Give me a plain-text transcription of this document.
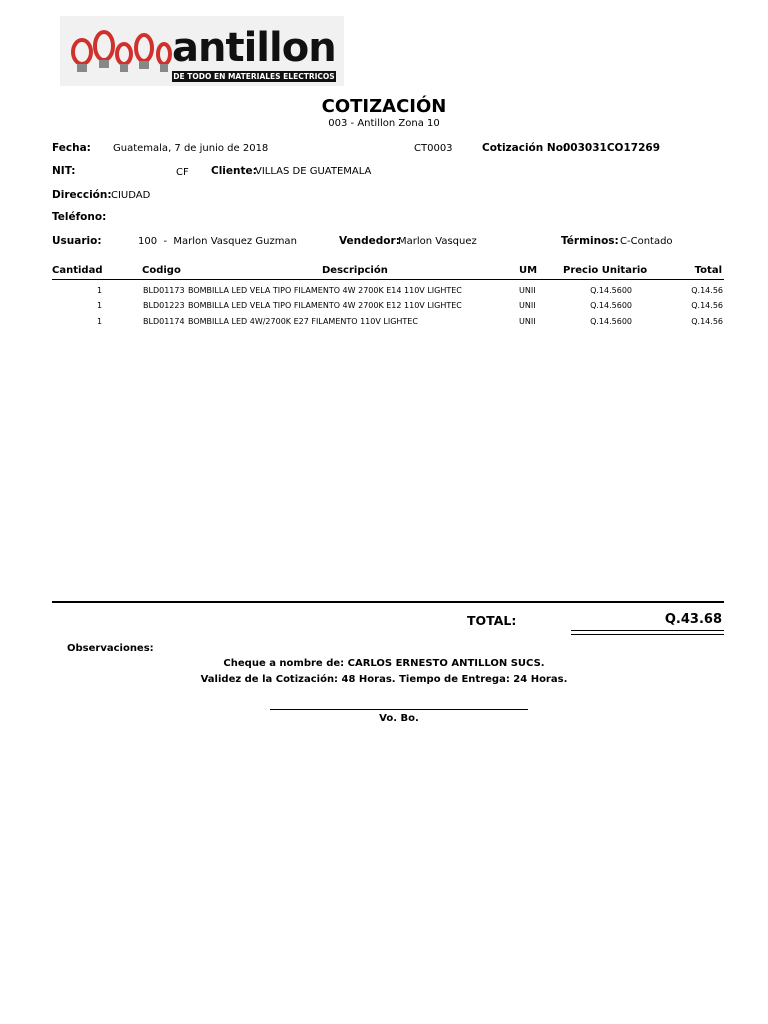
antillon
DE TODO EN MATERIALES ELECTRICOS
COTIZACIÓN
003 - Antillon Zona 10
Fecha: Guatemala, 7 de junio de 2018	CT0003	Cotización No:
003031CO17269
NIT:	CF Cliente:
VILLAS DE GUATEMALA
Dirección: CIUDAD
Teléfono:
Usuario:	100  -  Marlon Vasquez Guzman	Vendedor:
Marlon Vasquez	Términos: C-Contado
Cantidad	Codigo	Descripción	UM	Precio Unitario	Total
1	BLD01173 BOMBILLA LED VELA TIPO FILAMENTO 4W 2700K E14 110V LIGHTEC	UNII	Q.14.5600	Q.14.56
1	BLD01223 BOMBILLA LED VELA TIPO FILAMENTO 4W 2700K E12 110V LIGHTEC	UNII	Q.14.5600	Q.14.56
1	BLD01174 BOMBILLA LED 4W/2700K E27 FILAMENTO 110V LIGHTEC	UNII	Q.14.5600	Q.14.56
TOTAL:	Q.43.68
Observaciones:
Cheque a nombre de: CARLOS ERNESTO ANTILLON SUCS.
Validez de la Cotización: 48 Horas. Tiempo de Entrega: 24 Horas.
Vo. Bo.
